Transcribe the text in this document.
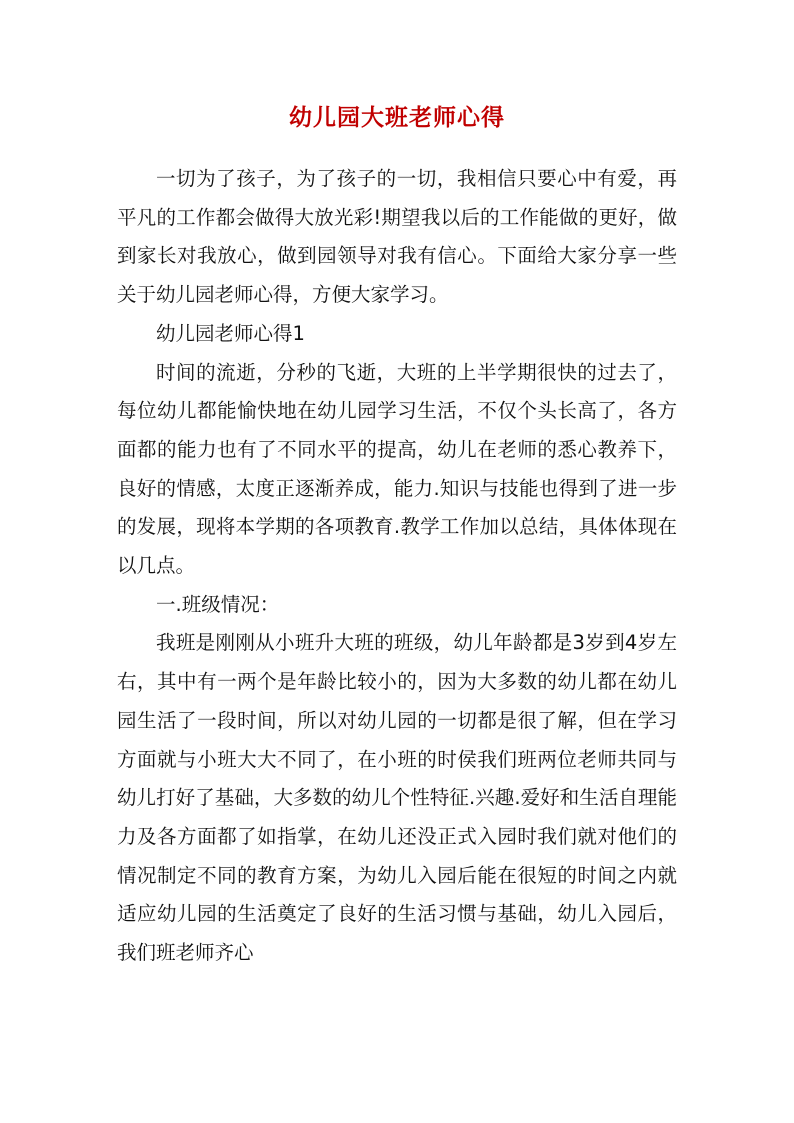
幼儿园大班老师心得

一切为了孩子，为了孩子的一切，我相信只要心中有爱，再平凡的工作都会做得大放光彩!期望我以后的工作能做的更好，做到家长对我放心，做到园领导对我有信心。下面给大家分享一些关于幼儿园老师心得，方便大家学习。

幼儿园老师心得1

时间的流逝，分秒的飞逝，大班的上半学期很快的过去了，每位幼儿都能愉快地在幼儿园学习生活，不仅个头长高了，各方面都的能力也有了不同水平的提高，幼儿在老师的悉心教养下，良好的情感，太度正逐渐养成，能力.知识与技能也得到了进一步的发展，现将本学期的各项教育.教学工作加以总结，具体体现在以几点。

一.班级情况：

我班是刚刚从小班升大班的班级，幼儿年龄都是3岁到4岁左右，其中有一两个是年龄比较小的，因为大多数的幼儿都在幼儿园生活了一段时间，所以对幼儿园的一切都是很了解，但在学习方面就与小班大大不同了，在小班的时侯我们班两位老师共同与幼儿打好了基础，大多数的幼儿个性特征.兴趣.爱好和生活自理能力及各方面都了如指掌，在幼儿还没正式入园时我们就对他们的情况制定不同的教育方案，为幼儿入园后能在很短的时间之内就适应幼儿园的生活奠定了良好的生活习惯与基础，幼儿入园后，我们班老师齐心
